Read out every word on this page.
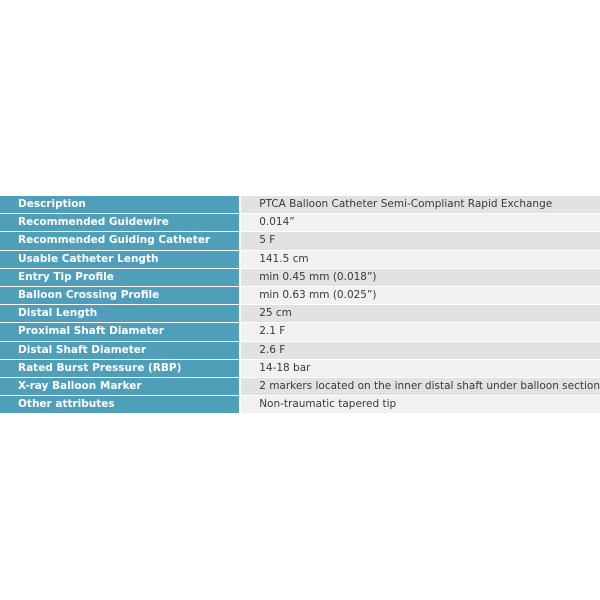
Description	PTCA Balloon Catheter Semi-Compliant Rapid Exchange
Recommended Guidewire	0.014”
Recommended Guiding Catheter	5 F
Usable Catheter Length	141.5 cm
Entry Tip Profile	min 0.45 mm (0.018”)
Balloon Crossing Profile	min 0.63 mm (0.025”)
Distal Length	25 cm
Proximal Shaft Diameter	2.1 F
Distal Shaft Diameter	2.6 F
Rated Burst Pressure (RBP)	14-18 bar
X-ray Balloon Marker	2 markers located on the inner distal shaft under balloon section
Other attributes	Non-traumatic tapered tip
